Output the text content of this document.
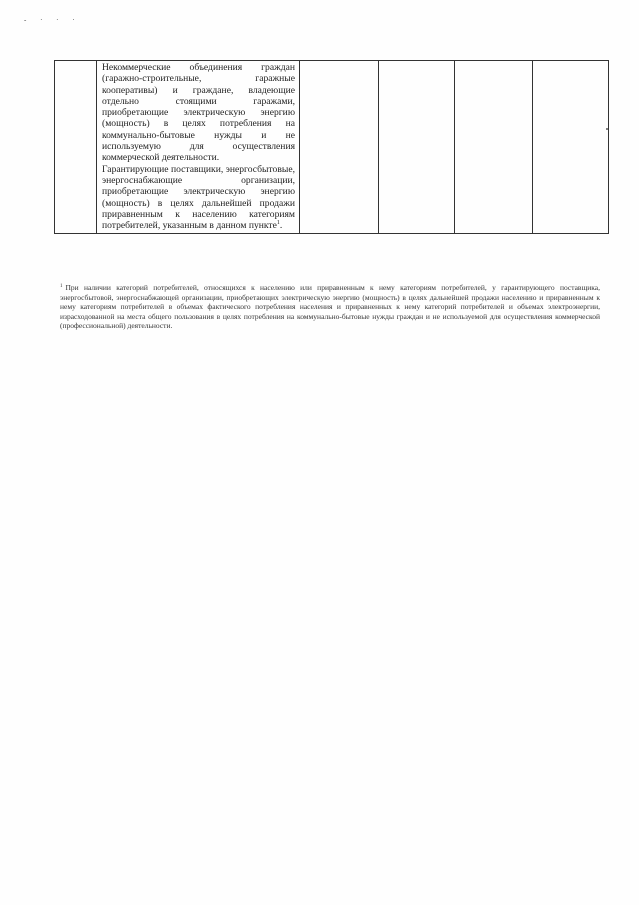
- · · ·

Некоммерческие объединения граждан (гаражно-строительные, гаражные кооперативы) и граждане, владеющие отдельно стоящими гаражами, приобретающие электрическую энергию (мощность) в целях потребления на коммунально-бытовые нужды и не используемую для осуществления коммерческой деятельности.

Гарантирующие поставщики, энергосбытовые, энергоснабжающие организации, приобретающие электрическую энергию (мощность) в целях дальнейшей продажи приравненным к населению категориям потребителей, указанным в данном пункте$^1$.

$^1$ При наличии категорий потребителей, относящихся к населению или приравненным к нему категориям потребителей, у гарантирующего поставщика, энергосбытовой, энергоснабжающей организации, приобретающих электрическую энергию (мощность) в целях дальнейшей продажи населению и приравненным к нему категориям потребителей в объемах фактического потребления населения и приравненных к нему категорий потребителей и объемах электроэнергии, израсходованной на места общего пользования в целях потребления на коммунально-бытовые нужды граждан и не используемой для осуществления коммерческой (профессиональной) деятельности.
